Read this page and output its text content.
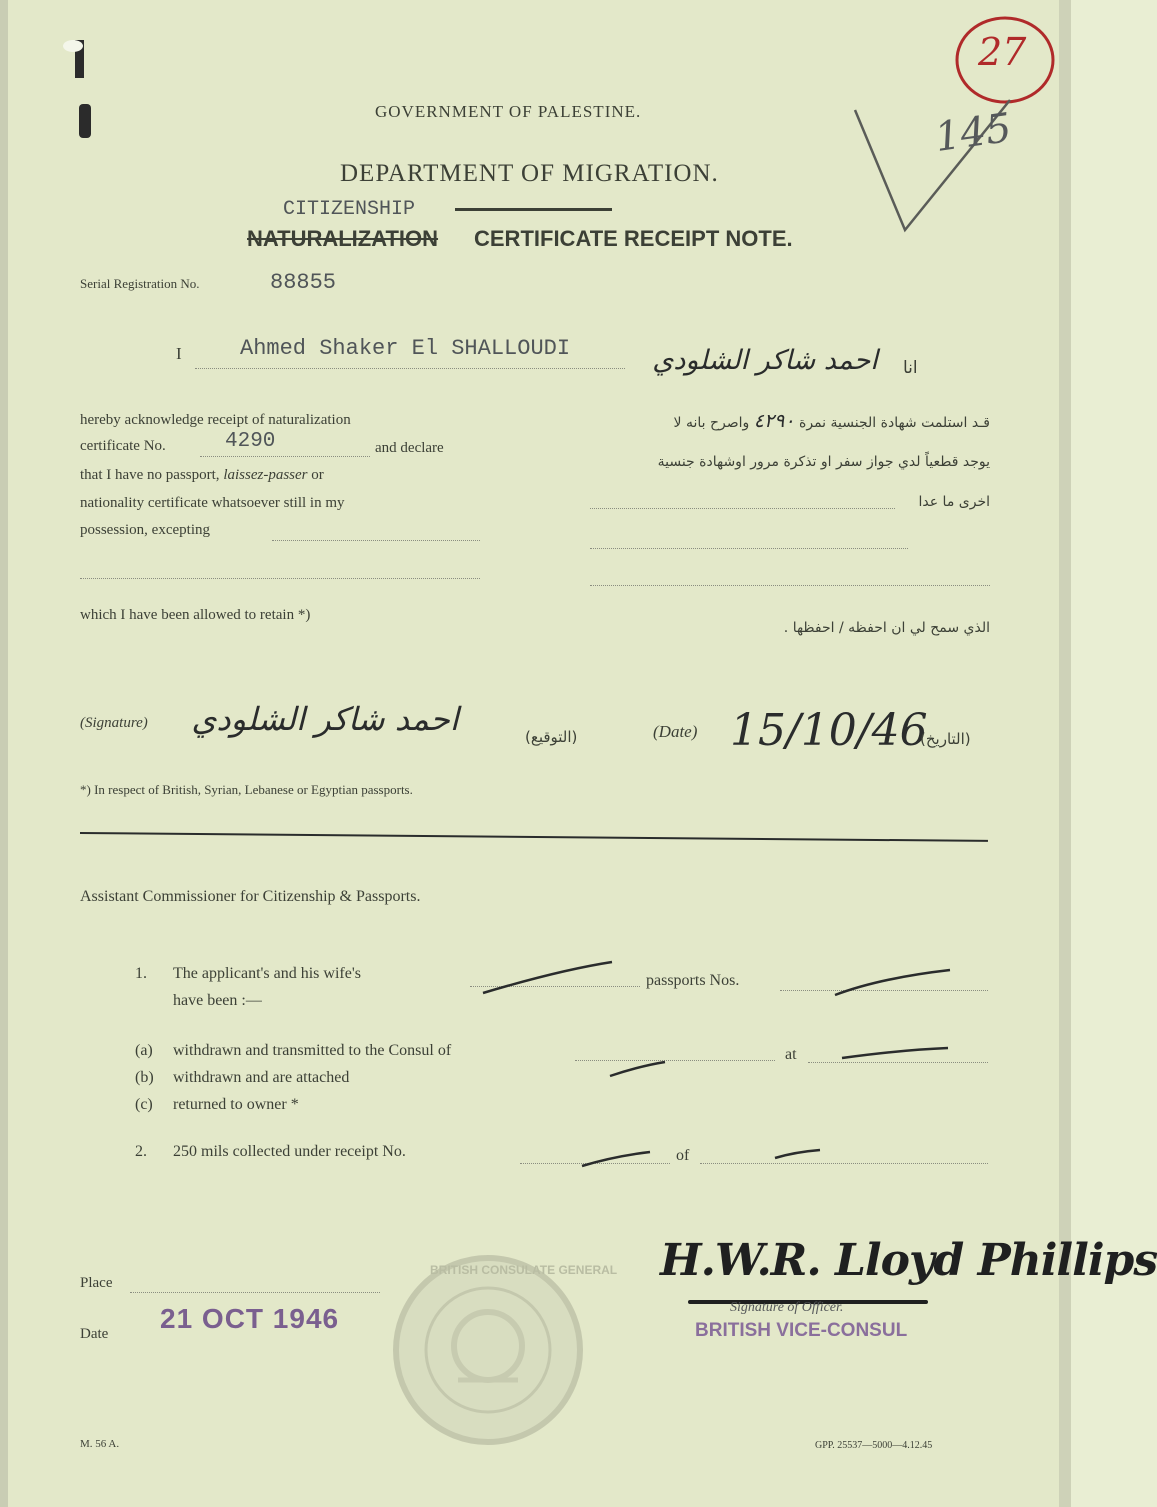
27
145
GOVERNMENT OF PALESTINE.
DEPARTMENT OF MIGRATION.
CITIZENSHIP
NATURALIZATION CERTIFICATE RECEIPT NOTE.
Serial Registration No.	88855
I	Ahmed Shaker El SHALLOUDI	احمد شاكر الشلودي	انا
hereby acknowledge receipt of naturalization
certificate No.	4290	and declare
that I have no passport, laissez-passer or
nationality certificate whatsoever still in my
possession, excepting
which I have been allowed to retain *)
قـد استلمت شهادة الجنسية نمرة ٤٢٩٠ واصرح بانه لا
يوجد قطعياً لدي جواز سفر او تذكرة مرور اوشهادة جنسية
اخرى ما عدا
الذي سمح لي ان احفظه / احفظها .
(Signature)	احمد شاكر الشلودي	(التوقيع)	(Date) 15/10/46
(التاريخ)
*) In respect of British, Syrian, Lebanese or Egyptian passports.
Assistant Commissioner for Citizenship & Passports.
1. The applicant's and his wife's	passports Nos.
have been :—
(a) withdrawn and transmitted to the Consul of	at
(b) withdrawn and are attached
(c) returned to owner *
2. 250 mils collected under receipt No.	of
Place
Date 21 OCT 1946
BRITISH CONSULATE GENERAL H.W.R. Lloyd Phillips
Signature of Officer.
BRITISH VICE-CONSUL
M. 56 A.	GPP. 25537—5000—4.12.45
